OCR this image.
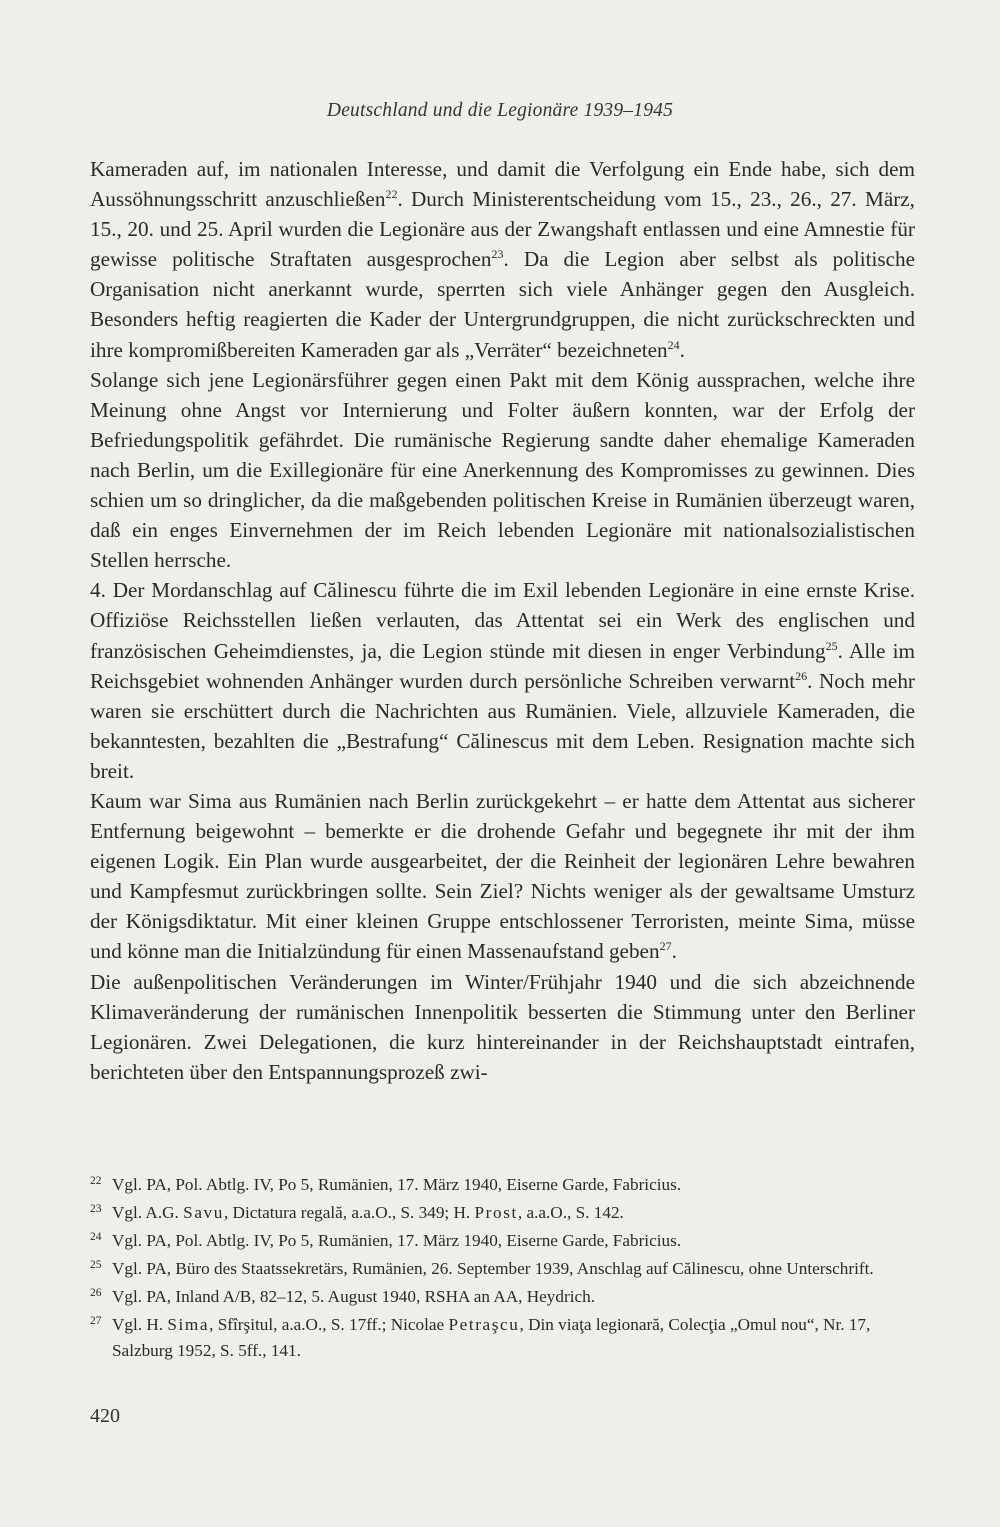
Deutschland und die Legionäre 1939–1945

Kameraden auf, im nationalen Interesse, und damit die Verfolgung ein Ende habe, sich dem Aussöhnungsschritt anzuschließen$^{22}$. Durch Ministerentscheidung vom 15., 23., 26., 27. März, 15., 20. und 25. April wurden die Legionäre aus der Zwangshaft entlassen und eine Amnestie für gewisse politische Straftaten ausgesprochen$^{23}$. Da die Legion aber selbst als politische Organisation nicht anerkannt wurde, sperrten sich viele Anhänger gegen den Ausgleich. Besonders heftig reagierten die Kader der Untergrundgruppen, die nicht zurückschreckten und ihre kompromißbereiten Kameraden gar als „Verräter“ bezeichneten$^{24}$.

Solange sich jene Legionärsführer gegen einen Pakt mit dem König aussprachen, welche ihre Meinung ohne Angst vor Internierung und Folter äußern konnten, war der Erfolg der Befriedungspolitik gefährdet. Die rumänische Regierung sandte daher ehemalige Kameraden nach Berlin, um die Exillegionäre für eine Anerkennung des Kompromisses zu gewinnen. Dies schien um so dringlicher, da die maßgebenden politischen Kreise in Rumänien überzeugt waren, daß ein enges Einvernehmen der im Reich lebenden Legionäre mit nationalsozialistischen Stellen herrsche.

4. Der Mordanschlag auf Călinescu führte die im Exil lebenden Legionäre in eine ernste Krise. Offiziöse Reichsstellen ließen verlauten, das Attentat sei ein Werk des englischen und französischen Geheimdienstes, ja, die Legion stünde mit diesen in enger Verbindung$^{25}$. Alle im Reichsgebiet wohnenden Anhänger wurden durch persönliche Schreiben verwarnt$^{26}$. Noch mehr waren sie erschüttert durch die Nachrichten aus Rumänien. Viele, allzuviele Kameraden, die bekanntesten, bezahlten die „Bestrafung“ Călinescus mit dem Leben. Resignation machte sich breit.

Kaum war Sima aus Rumänien nach Berlin zurückgekehrt – er hatte dem Attentat aus sicherer Entfernung beigewohnt – bemerkte er die drohende Gefahr und begegnete ihr mit der ihm eigenen Logik. Ein Plan wurde ausgearbeitet, der die Reinheit der legionären Lehre bewahren und Kampfesmut zurückbringen sollte. Sein Ziel? Nichts weniger als der gewaltsame Umsturz der Königsdiktatur. Mit einer kleinen Gruppe entschlossener Terroristen, meinte Sima, müsse und könne man die Initialzündung für einen Massenaufstand geben$^{27}$.

Die außenpolitischen Veränderungen im Winter/Frühjahr 1940 und die sich abzeichnende Klimaveränderung der rumänischen Innenpolitik besserten die Stimmung unter den Berliner Legionären. Zwei Delegationen, die kurz hintereinander in der Reichshauptstadt eintrafen, berichteten über den Entspannungsprozeß zwi-

22 Vgl. PA, Pol. Abtlg. IV, Po 5, Rumänien, 17. März 1940, Eiserne Garde, Fabricius.
23 Vgl. A.G. Savu, Dictatura regală, a.a.O., S. 349; H. Prost, a.a.O., S. 142.
24 Vgl. PA, Pol. Abtlg. IV, Po 5, Rumänien, 17. März 1940, Eiserne Garde, Fabricius.
25 Vgl. PA, Büro des Staatssekretärs, Rumänien, 26. September 1939, Anschlag auf Călinescu, ohne Unterschrift.
26 Vgl. PA, Inland A/B, 82–12, 5. August 1940, RSHA an AA, Heydrich.
27 Vgl. H. Sima, Sfîrşitul, a.a.O., S. 17ff.; Nicolae Petraşcu, Din viaţa legionară, Colecţia „Omul nou“, Nr. 17, Salzburg 1952, S. 5ff., 141.
420
